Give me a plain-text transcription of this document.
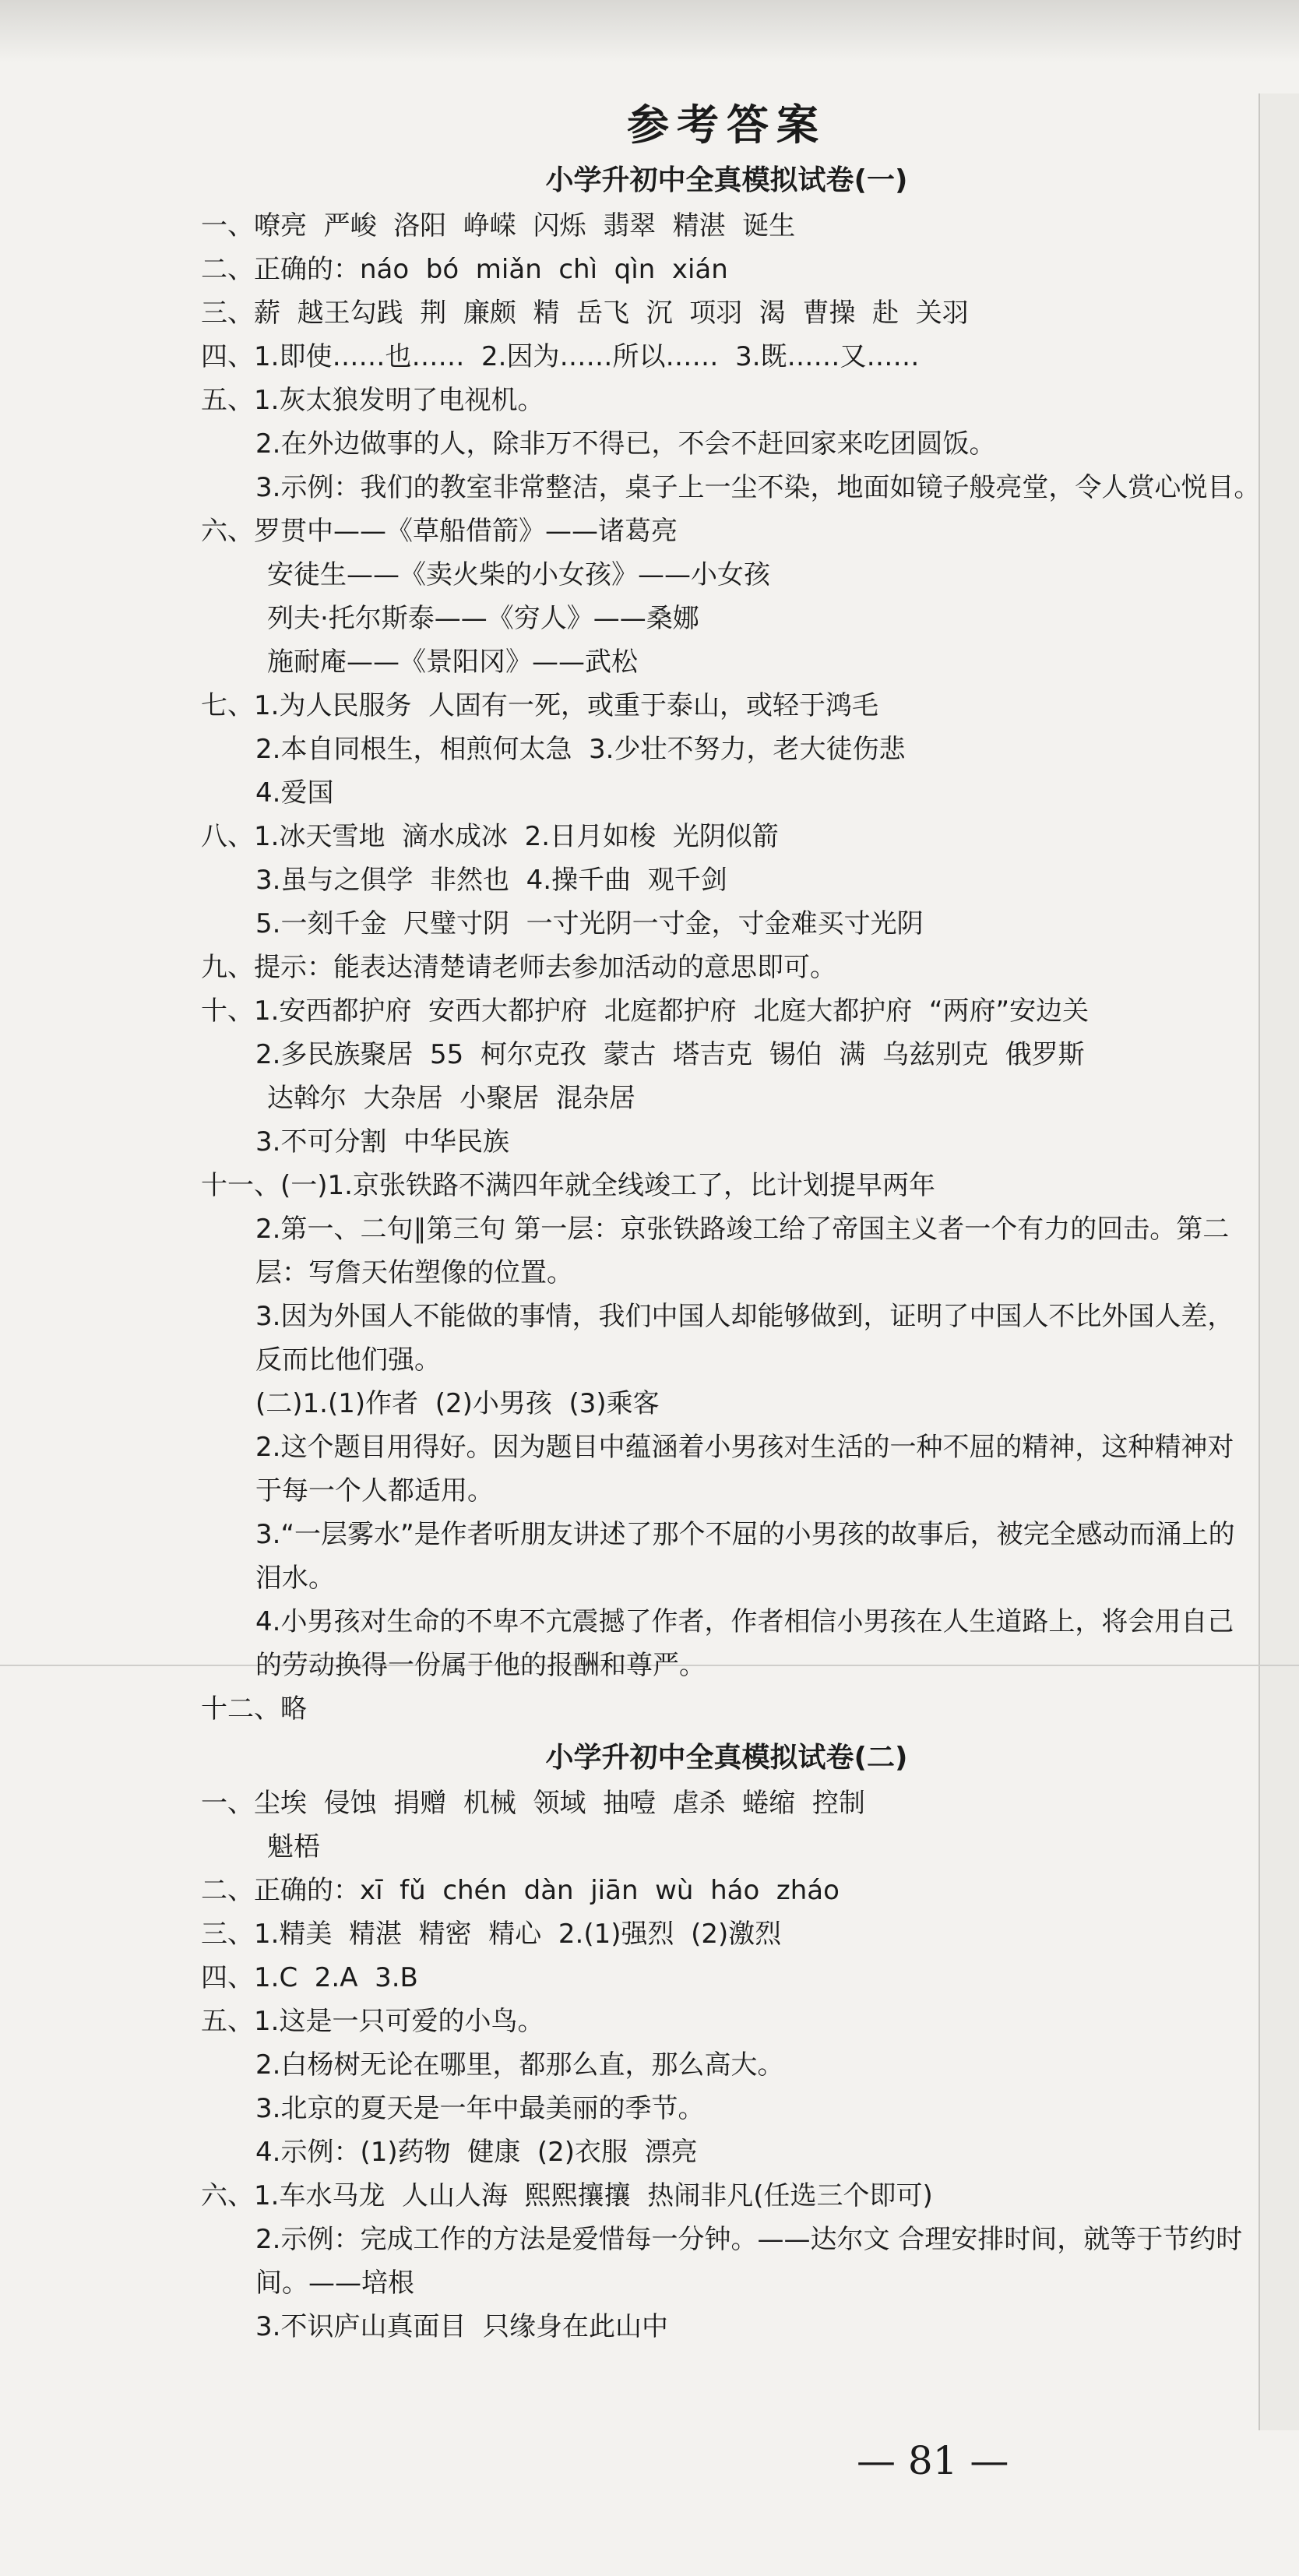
参考答案
小学升初中全真模拟试卷(一)
一、嘹亮  严峻  洛阳  峥嵘  闪烁  翡翠  精湛  诞生
二、正确的：náo  bó  miǎn  chì  qìn  xián
三、薪  越王勾践  荆  廉颇  精  岳飞  沉  项羽  渴  曹操  赴  关羽
四、1.即使……也……  2.因为……所以……  3.既……又……
五、1.灰太狼发明了电视机。
2.在外边做事的人，除非万不得已，不会不赶回家来吃团圆饭。
3.示例：我们的教室非常整洁，桌子上一尘不染，地面如镜子般亮堂，令人赏心悦目。
六、罗贯中——《草船借箭》——诸葛亮
安徒生——《卖火柴的小女孩》——小女孩
列夫·托尔斯泰——《穷人》——桑娜
施耐庵——《景阳冈》——武松
七、1.为人民服务  人固有一死，或重于泰山，或轻于鸿毛
2.本自同根生，相煎何太急  3.少壮不努力，老大徒伤悲
4.爱国
八、1.冰天雪地  滴水成冰  2.日月如梭  光阴似箭
3.虽与之俱学  非然也  4.操千曲  观千剑
5.一刻千金  尺璧寸阴  一寸光阴一寸金，寸金难买寸光阴
九、提示：能表达清楚请老师去参加活动的意思即可。
十、1.安西都护府  安西大都护府  北庭都护府  北庭大都护府  “两府”安边关
2.多民族聚居  55  柯尔克孜  蒙古  塔吉克  锡伯  满  乌兹别克  俄罗斯
达斡尔  大杂居  小聚居  混杂居
3.不可分割  中华民族
十一、(一)1.京张铁路不满四年就全线竣工了，比计划提早两年
2.第一、二句∥第三句 第一层：京张铁路竣工给了帝国主义者一个有力的回击。第二层：写詹天佑塑像的位置。
3.因为外国人不能做的事情，我们中国人却能够做到，证明了中国人不比外国人差，反而比他们强。
(二)1.(1)作者  (2)小男孩  (3)乘客
2.这个题目用得好。因为题目中蕴涵着小男孩对生活的一种不屈的精神，这种精神对于每一个人都适用。
3.“一层雾水”是作者听朋友讲述了那个不屈的小男孩的故事后，被完全感动而涌上的泪水。
4.小男孩对生命的不卑不亢震撼了作者，作者相信小男孩在人生道路上，将会用自己的劳动换得一份属于他的报酬和尊严。
十二、略
小学升初中全真模拟试卷(二)
一、尘埃  侵蚀  捐赠  机械  领域  抽噎  虐杀  蜷缩  控制
魁梧
二、正确的：xī  fǔ  chén  dàn  jiān  wù  háo  zháo
三、1.精美  精湛  精密  精心  2.(1)强烈  (2)激烈
四、1.C  2.A  3.B
五、1.这是一只可爱的小鸟。
2.白杨树无论在哪里，都那么直，那么高大。
3.北京的夏天是一年中最美丽的季节。
4.示例：(1)药物  健康  (2)衣服  漂亮
六、1.车水马龙  人山人海  熙熙攘攘  热闹非凡(任选三个即可)
2.示例：完成工作的方法是爱惜每一分钟。——达尔文 合理安排时间，就等于节约时间。——培根
3.不识庐山真面目  只缘身在此山中
— 81 —
